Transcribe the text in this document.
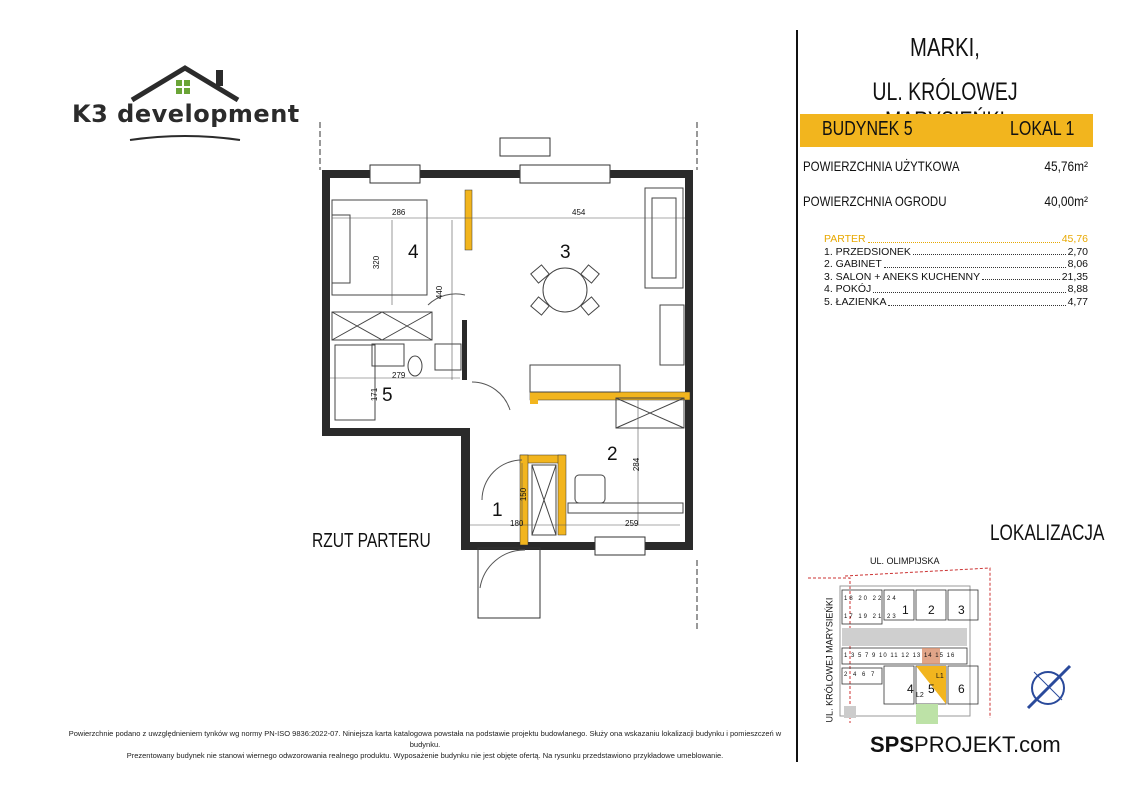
K3 development
4	3
5
2
1
286	454
320
440
279
171
180
150
259
284
RZUT PARTERU
MARKI,
UL. KRÓLOWEJ
BUDYNEK 5	LOKAL 1
POWIERZCHNIA UŻYTKOWA	45,76m²
POWIERZCHNIA OGRODU	40,00m²
PARTER	45,76
1. PRZEDSIONEK	2,70
2. GABINET	8,06
3. SALON + ANEKS KUCHENNY	21,35
4. POKÓJ	8,88
5. ŁAZIENKA	4,77
LOKALIZACJA
UL. OLIMPIJSKA
UL. KRÓLOWEJ MARYSIEŃKI	1 2 3
4 5 6
L1
L2
18 20 22 24
17 19 21 23
1 3 5 7 9 10 11 12 13 14 15 16
2 4 6 7
Powierzchnie podano z uwzględnieniem tynków wg normy PN-ISO 9836:2022-07. Niniejsza karta katalogowa powstała na podstawie projektu budowlanego. Służy ona wskazaniu lokalizacji budynku i pomieszczeń w budynku.
Prezentowany budynek nie stanowi wiernego odwzorowania realnego produktu. Wyposażenie budynku nie jest objęte ofertą. Na rysunku przedstawiono przykładowe umeblowanie.	SPSPROJEKT.com
